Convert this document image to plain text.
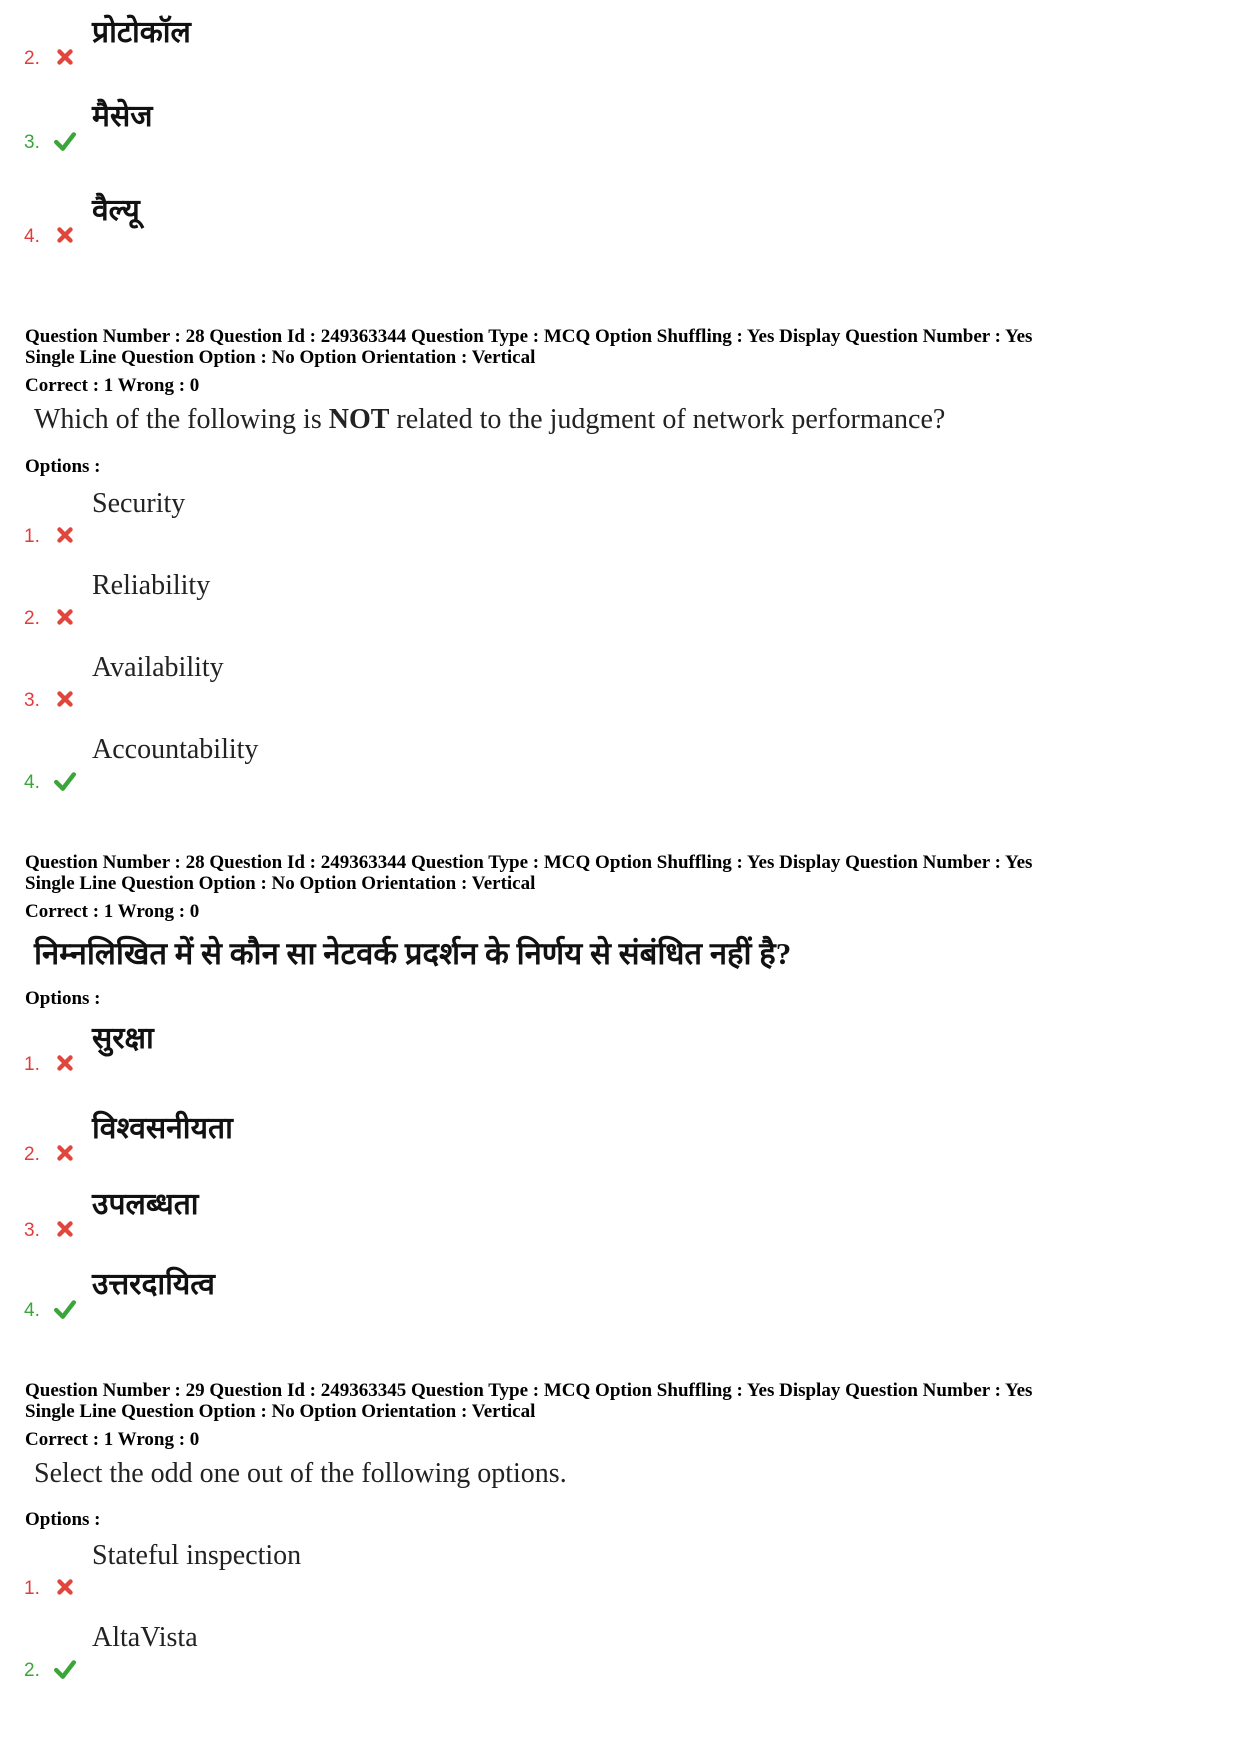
2.
प्रोटोकॉल
3.
मैसेज
4.
वैल्यू
Question Number : 28 Question Id : 249363344 Question Type : MCQ Option Shuffling : Yes Display Question Number : Yes
Single Line Question Option : No Option Orientation : Vertical
Correct : 1 Wrong : 0
Which of the following is NOT related to the judgment of network performance?
Options :
1.
Security
2.
Reliability
3.
Availability
4.
Accountability
Question Number : 28 Question Id : 249363344 Question Type : MCQ Option Shuffling : Yes Display Question Number : Yes
Single Line Question Option : No Option Orientation : Vertical
Correct : 1 Wrong : 0
निम्नलिखित में से कौन सा नेटवर्क प्रदर्शन के निर्णय से संबंधित नहीं है?
Options :
1.
सुरक्षा
2.
विश्वसनीयता
3.
उपलब्धता
4.
उत्तरदायित्व
Question Number : 29 Question Id : 249363345 Question Type : MCQ Option Shuffling : Yes Display Question Number : Yes
Single Line Question Option : No Option Orientation : Vertical
Correct : 1 Wrong : 0
Select the odd one out of the following options.
Options :
1.
Stateful inspection
2.
AltaVista
